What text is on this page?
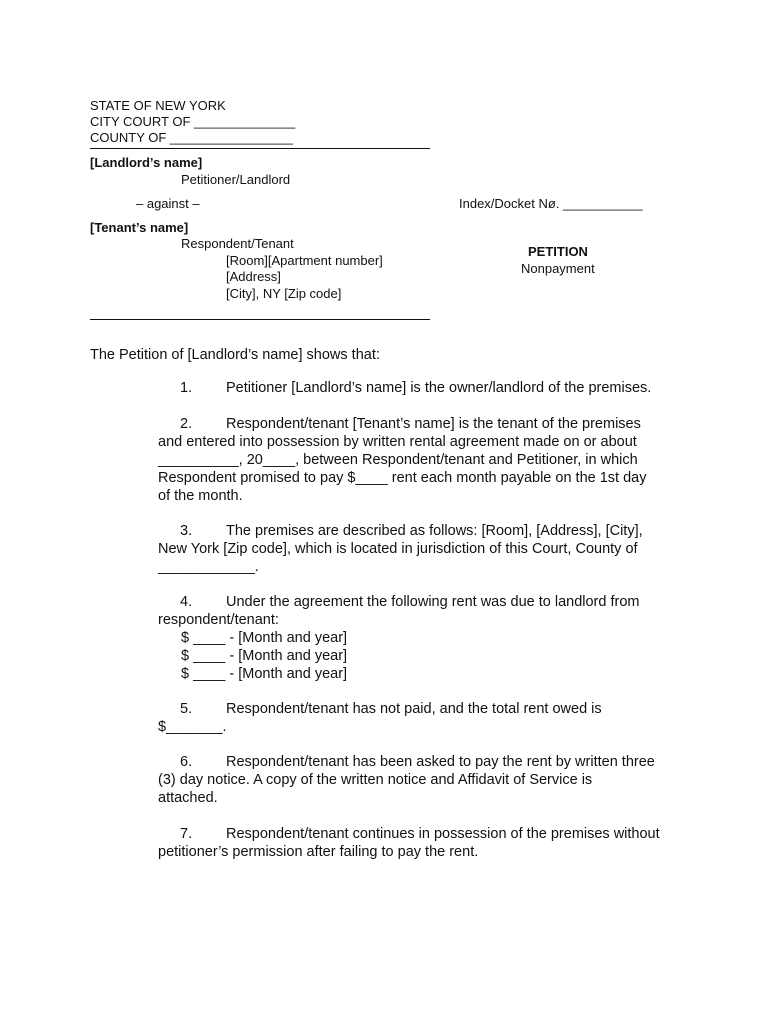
STATE OF NEW YORK
CITY COURT OF ______________
COUNTY OF _________________
[Landlord’s name]
Petitioner/Landlord
– against –	Index/Docket Nø. ___________
[Tenant’s name]
Respondent/Tenant
[Room][Apartment number]
[Address]
[City], NY [Zip code]
PETITION
Nonpayment
The Petition of [Landlord’s name] shows that:
1. Petitioner [Landlord’s name] is the owner/landlord of the premises.
2. Respondent/tenant [Tenant’s name] is the tenant of the premises
and entered into possession by written rental agreement made on or about
__________, 20____, between Respondent/tenant and Petitioner, in which
Respondent promised to pay $____ rent each month payable on the 1st day
of the month.
3. The premises are described as follows: [Room], [Address], [City],
New York [Zip code], which is located in jurisdiction of this Court, County of
____________.
4. Under the agreement the following rent was due to landlord from
respondent/tenant:
$ ____ - [Month and year]
$ ____ - [Month and year]
$ ____ - [Month and year]
5. Respondent/tenant has not paid, and the total rent owed is
$_______.
6. Respondent/tenant has been asked to pay the rent by written three
(3) day notice. A copy of the written notice and Affidavit of Service is
attached.
7. Respondent/tenant continues in possession of the premises without
petitioner’s permission after failing to pay the rent.
